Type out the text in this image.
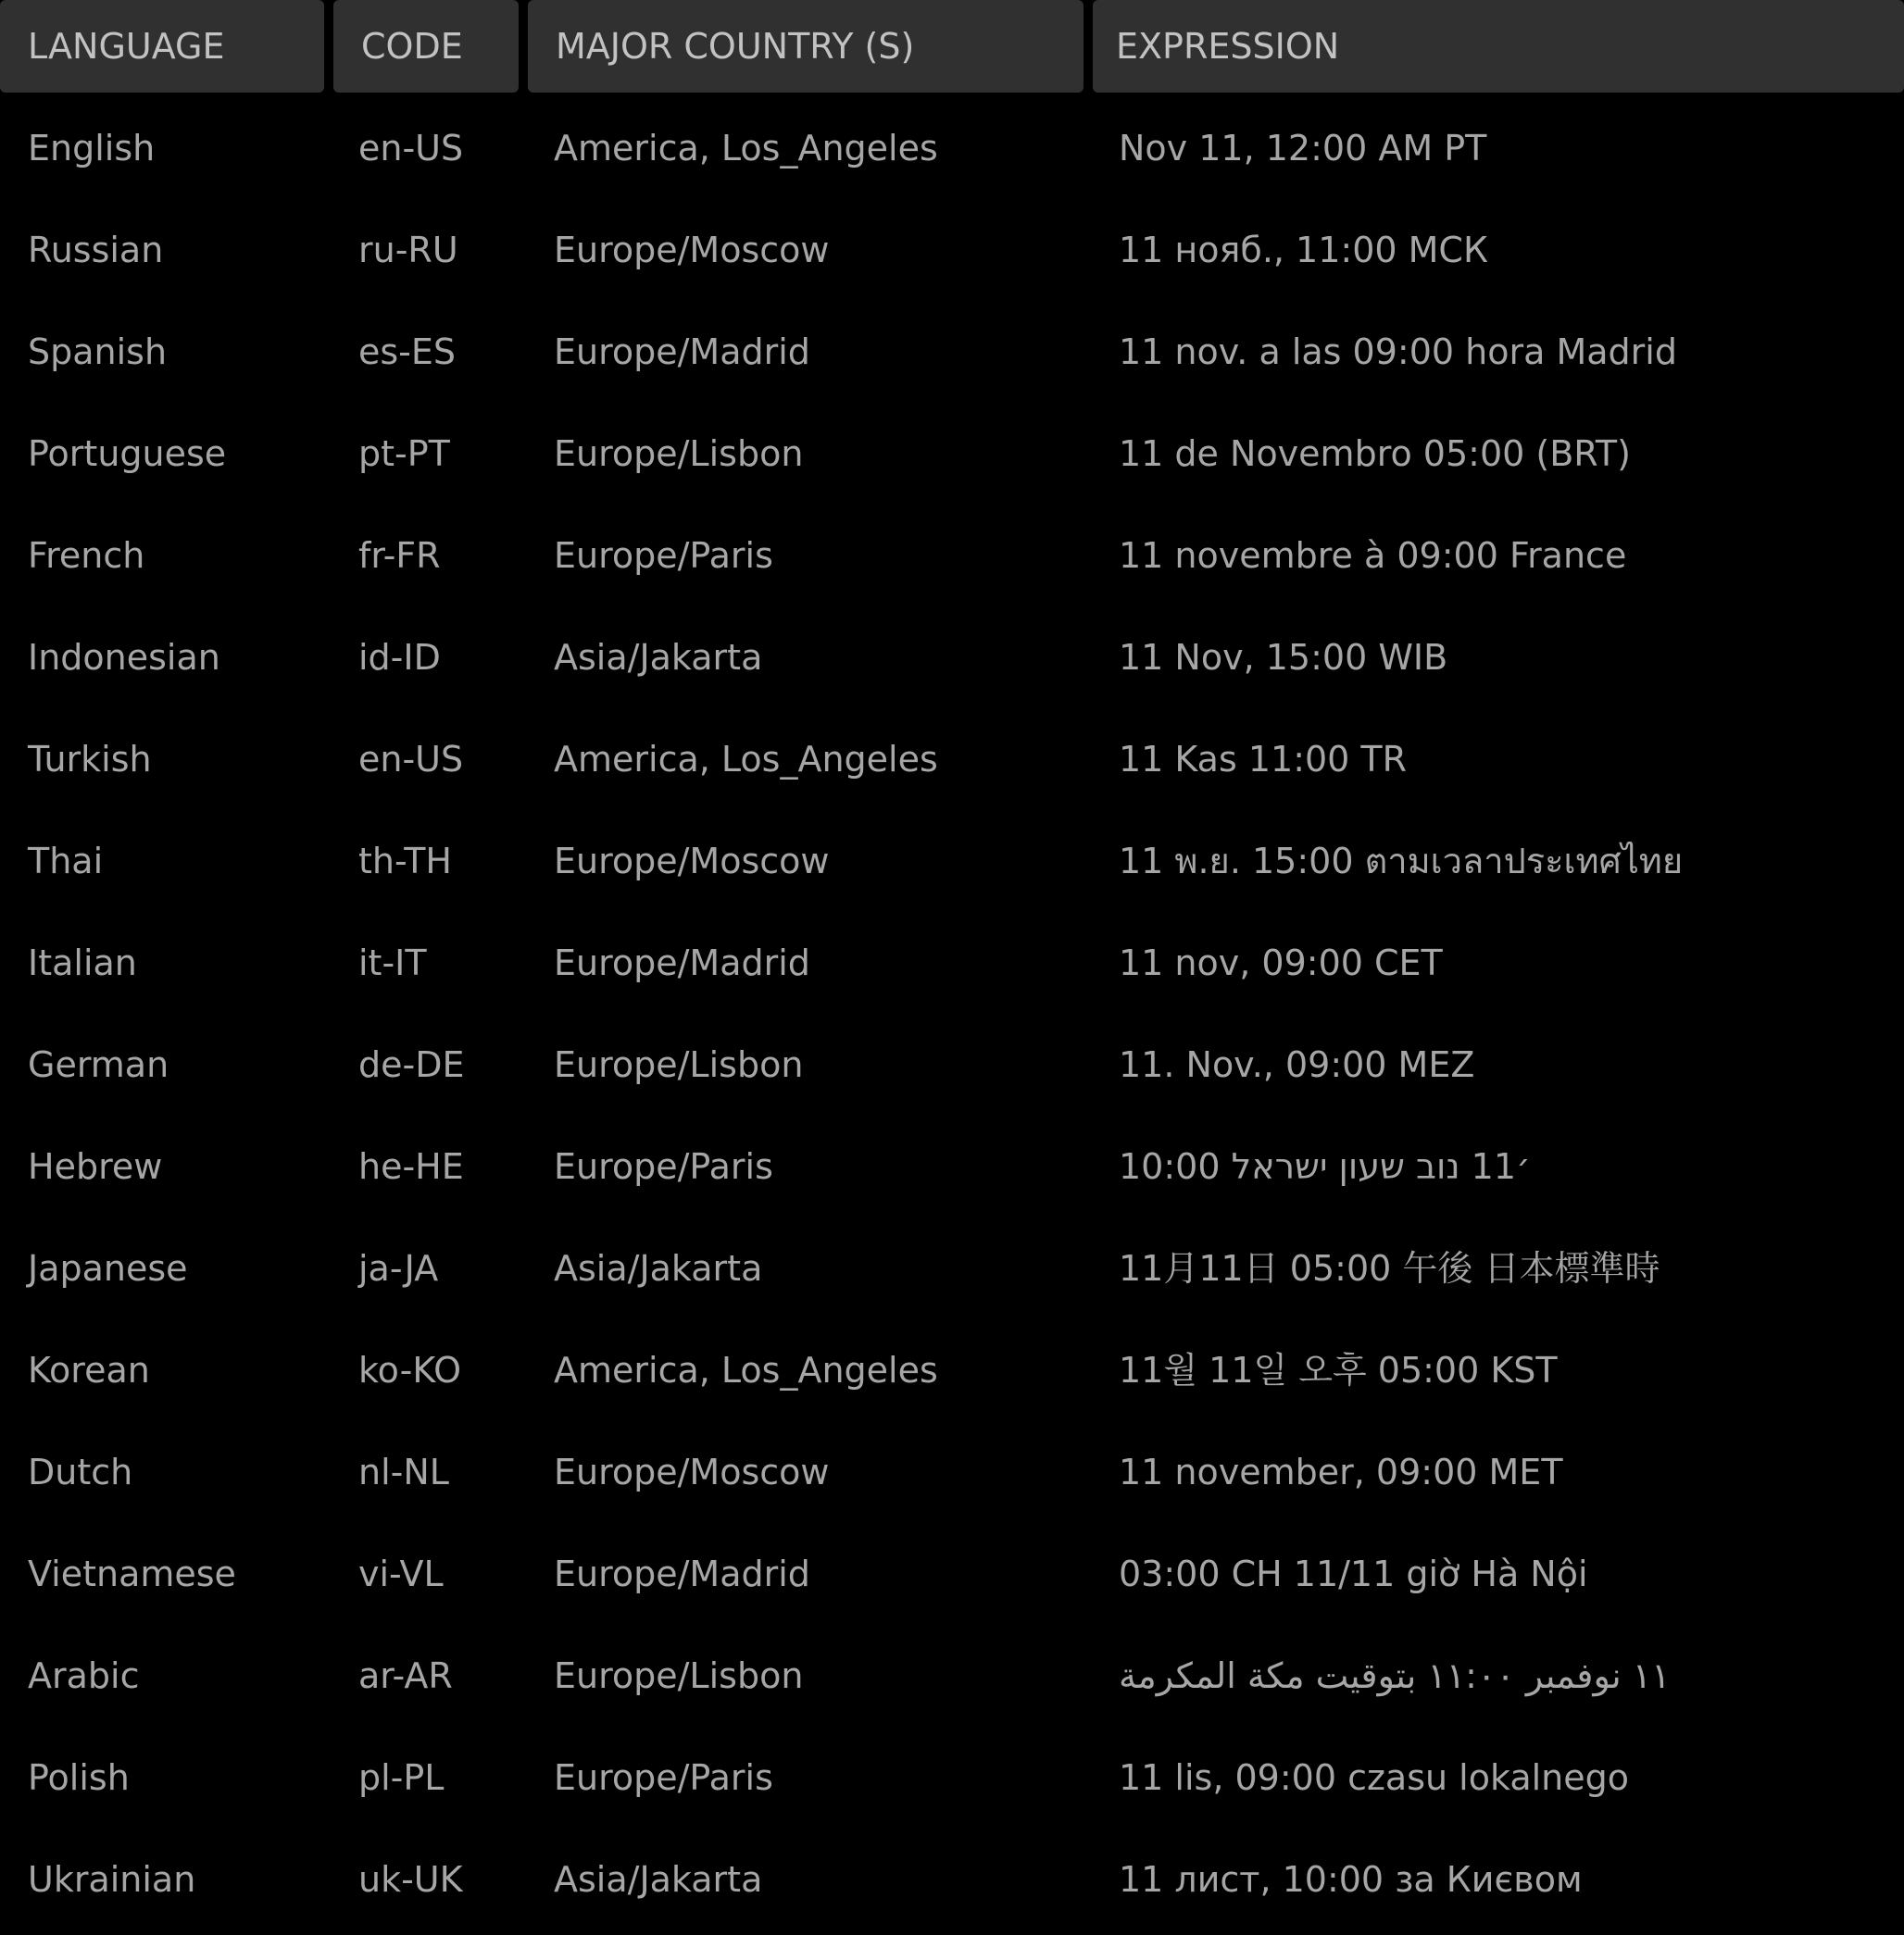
LANGUAGE	CODE	MAJOR COUNTRY (S)	EXPRESSION
English	en-US	America, Los_Angeles	Nov 11, 12:00 AM PT
Russian	ru-RU	Europe/Moscow	11 нояб., 11:00 МСК
Spanish	es-ES	Europe/Madrid	11 nov. a las 09:00 hora Madrid
Portuguese	pt-PT	Europe/Lisbon	11 de Novembro 05:00 (BRT)
French	fr-FR	Europe/Paris	11 novembre à 09:00 France
Indonesian	id-ID	Asia/Jakarta	11 Nov, 15:00 WIB
Turkish	en-US	America, Los_Angeles	11 Kas 11:00 TR
Thai	th-TH	Europe/Moscow	11 พ.ย. 15:00 ตามเวลาประเทศไทย
Italian	it-IT	Europe/Madrid	11 nov, 09:00 CET
German	de-DE	Europe/Lisbon	11. Nov., 09:00 MEZ
Hebrew	he-HE	Europe/Paris	10:00 ׳11 נוב שעון ישראל
Japanese	ja-JA	Asia/Jakarta	11月11日 05:00 午後 日本標準時
Korean	ko-KO	America, Los_Angeles	11월 11일 오후 05:00 KST
Dutch	nl-NL	Europe/Moscow	11 november, 09:00 MET
Vietnamese	vi-VL	Europe/Madrid	03:00 CH 11/11 giờ Hà Nội
Arabic	ar-AR	Europe/Lisbon	١١ نوفمبر ١١:٠٠ بتوقيت مكة المكرمة
Polish	pl-PL	Europe/Paris	11 lis, 09:00 czasu lokalnego
Ukrainian	uk-UK	Asia/Jakarta	11 лист, 10:00 за Києвом
